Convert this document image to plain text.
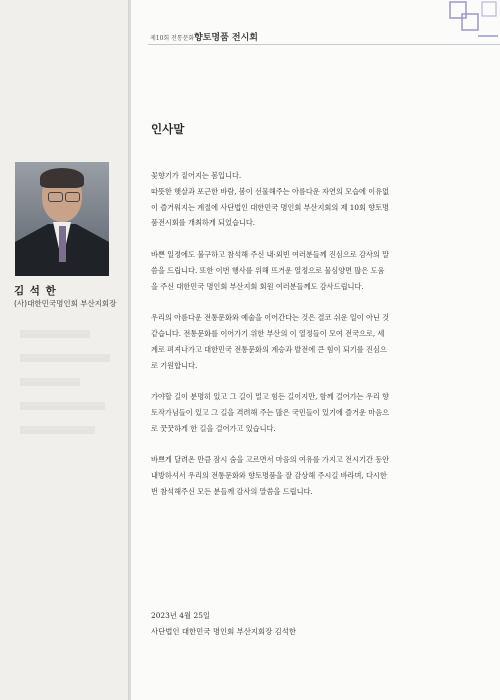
김 석 한
(사)대한민국명인회 부산지회장
제10회 전통문화 향토명품 전시회
인사말

꽃향기가 짙어지는 봄입니다.
따뜻한 햇살과 포근한 바람, 봄이 선물해주는 아름다운 자연의 모습에 이유없
이 즐거워지는 계절에 사단법인 대한민국 명인회 부산지회의 제 10회 향토명
품전시회를 개최하게 되었습니다.

바쁜 일정에도 불구하고 참석해 주신 내·외빈 여러분들께 진심으로 감사의 말
씀을 드립니다. 또한 이번 행사를 위해 뜨거운 열정으로 물심양면 많은 도움
을 주신 대한민국 명인회 부산지회 회원 여러분들께도 감사드립니다.

우리의 아름다운 전통문화와 예술을 이어간다는 것은 결코 쉬운 일이 아닌 것
같습니다. 전통문화를 이어가기 위한 부산의 이 열정들이 모여 전국으로, 세
계로 펴져나가고 대한민국 전통문화의 계승과 발전에 큰 힘이 되기를 진심으
로 기원합니다.

가야할 길이 분명히 있고 그 길이 멀고 힘든 길이지만, 함께 걸어가는 우리 향
토작가님들이 있고 그 길을 격려해 주는 많은 국민들이 있기에 즐거운 마음으
로 꿋꿋하게 한 길을 걸어가고 있습니다.

바쁘게 달려온 만큼 잠시 숨을 고르면서 마음의 여유를 가지고 전시기간 동안
내방하셔서 우리의 전통문화와 향토명품을 잘 감상해 주시길 바라며, 다시한
번 참석해주신 모든 분들께 감사의 말씀을 드립니다.

2023년 4월 25일
사단법인 대한민국 명인회 부산지회장 김석한
